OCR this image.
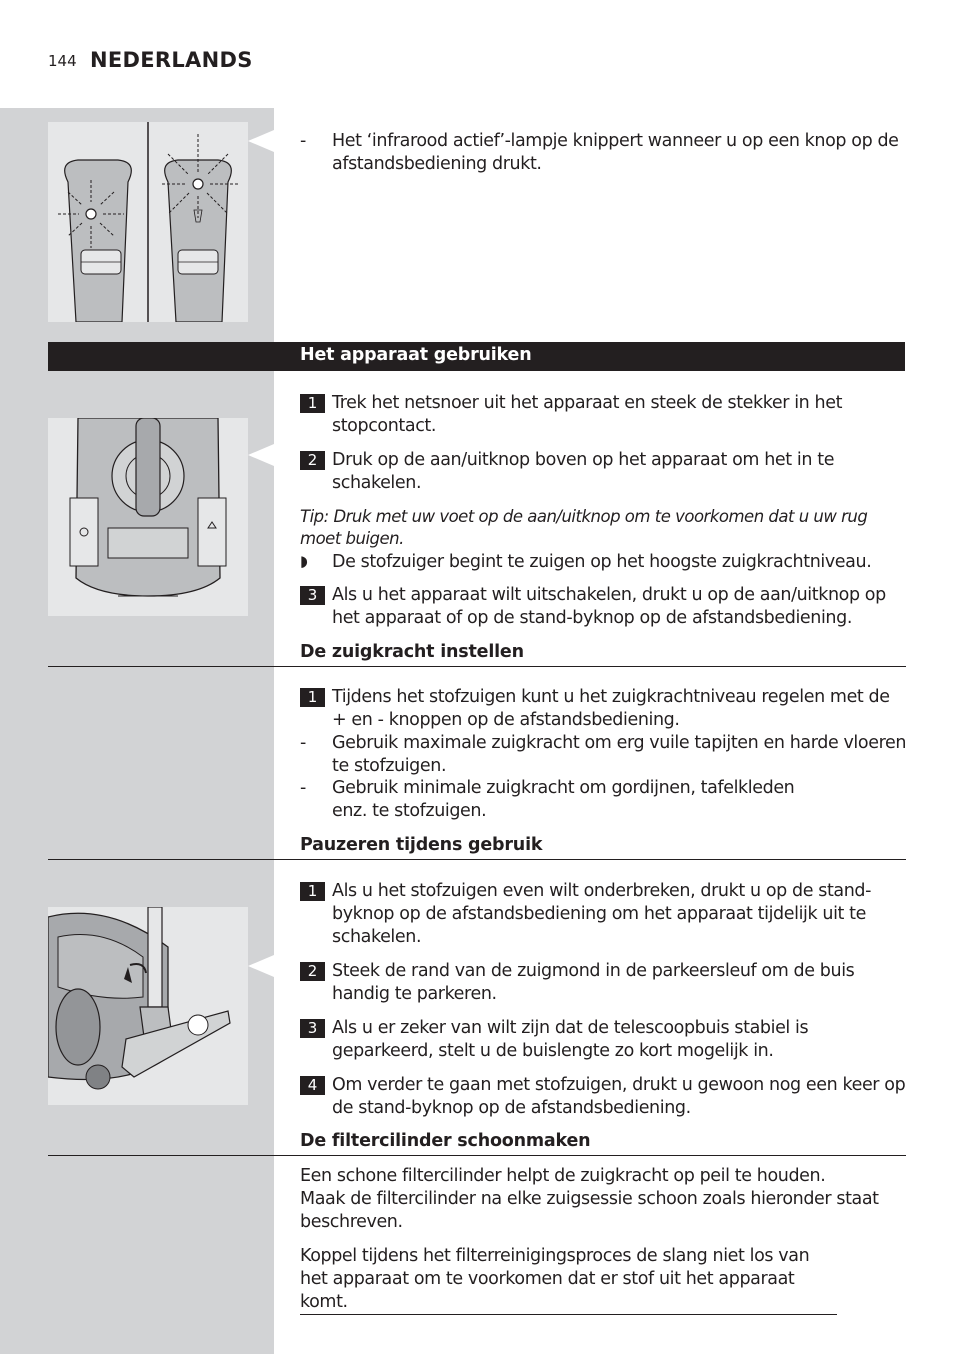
144 NEDERLANDS
- Het ‘infrarood actief’-lampje knippert wanneer u op een knop op de afstandsbediening drukt.
Het apparaat gebruiken
1 Trek het netsnoer uit het apparaat en steek de stekker in het stopcontact.
2 Druk op de aan/uitknop boven op het apparaat om het in te schakelen.
Tip: Druk met uw voet op de aan/uitknop om te voorkomen dat u uw rug moet buigen.
◗ De stofzuiger begint te zuigen op het hoogste zuigkrachtniveau.
3 Als u het apparaat wilt uitschakelen, drukt u op de aan/uitknop op het apparaat of op de stand-byknop op de afstandsbediening.
De zuigkracht instellen
1 Tijdens het stofzuigen kunt u het zuigkrachtniveau regelen met de + en - knoppen op de afstandsbediening.
- Gebruik maximale zuigkracht om erg vuile tapijten en harde vloeren te stofzuigen.
- Gebruik minimale zuigkracht om gordijnen, tafelkleden enz. te stofzuigen.
Pauzeren tijdens gebruik
1 Als u het stofzuigen even wilt onderbreken, drukt u op de stand-byknop op de afstandsbediening om het apparaat tijdelijk uit te schakelen.
2 Steek de rand van de zuigmond in de parkeersleuf om de buis handig te parkeren.
3 Als u er zeker van wilt zijn dat de telescoopbuis stabiel is geparkeerd, stelt u de buislengte zo kort mogelijk in.
4 Om verder te gaan met stofzuigen, drukt u gewoon nog een keer op de stand-byknop op de afstandsbediening.
De filtercilinder schoonmaken
Een schone filtercilinder helpt de zuigkracht op peil te houden.
Maak de filtercilinder na elke zuigsessie schoon zoals hieronder staat beschreven.
Koppel tijdens het filterreinigingsproces de slang niet los van het apparaat om te voorkomen dat er stof uit het apparaat komt.
